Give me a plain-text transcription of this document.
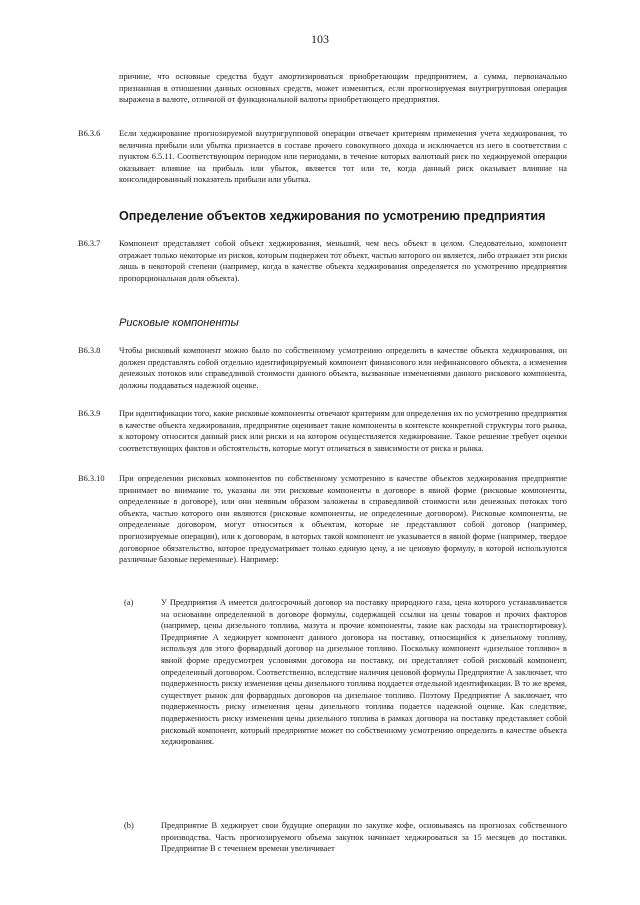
103
причине, что основные средства будут амортизироваться приобретающим предприятием, а сумма, первоначально признанная в отношении данных основных средств, может измениться, если прогнозируемая внутригрупповая операция выражена в валюте, отличной от функциональной валюты приобретающего предприятия.
B6.3.6 Если хеджирование прогнозируемой внутригрупповой операции отвечает критериям применения учета хеджирования, то величина прибыли или убытка признается в составе прочего совокупного дохода и исключается из него в соответствии с пунктом 6.5.11. Соответствующим периодом или периодами, в течение которых валютный риск по хеджируемой операции оказывает влияние на прибыль или убыток, является тот или те, когда данный риск оказывает влияние на консолидированный показатель прибыли или убытка.
Определение объектов хеджирования по усмотрению предприятия
B6.3.7 Компонент представляет собой объект хеджирования, меньший, чем весь объект в целом. Следовательно, компонент отражает только некоторые из рисков, которым подвержен тот объект, частью которого он является, либо отражает эти риски лишь в некоторой степени (например, когда в качестве объекта хеджирования определяется по усмотрению предприятия пропорциональная доля объекта).
Рисковые компоненты
B6.3.8 Чтобы рисковый компонент можно было по собственному усмотрению определить в качестве объекта хеджирования, он должен представлять собой отдельно идентифицируемый компонент финансового или нефинансового объекта, а изменения денежных потоков или справедливой стоимости данного объекта, вызванные изменениями данного рискового компонента, должны поддаваться надежной оценке.
B6.3.9 При идентификации того, какие рисковые компоненты отвечают критериям для определения их по усмотрению предприятия в качестве объекта хеджирования, предприятие оценивает такие компоненты в контексте конкретной структуры того рынка, к которому относится данный риск или риски и на котором осуществляется хеджирование. Такое решение требует оценки соответствующих фактов и обстоятельств, которые могут отличаться в зависимости от риска и рынка.
B6.3.10 При определении рисковых компонентов по собственному усмотрению в качестве объектов хеджирования предприятие принимает во внимание то, указаны ли эти рисковые компоненты в договоре в явной форме (рисковые компоненты, определенные в договоре), или они неявным образом заложены в справедливой стоимости или денежных потоках того объекта, частью которого они являются (рисковые компоненты, не определенные договором). Рисковые компоненты, не определенные договором, могут относиться к объектам, которые не представляют собой договор (например, прогнозируемые операции), или к договорам, в которых такой компонент не указывается в явной форме (например, твердое договорное обязательство, которое предусматривает только единую цену, а не ценовую формулу, в которой используются различные базовые переменные). Например:
(a)	У Предприятия А имеется долгосрочный договор на поставку природного газа, цена которого устанавливается на основании определенной в договоре формулы, содержащей ссылки на цены товаров и прочих факторов (например, цены дизельного топлива, мазута и прочие компоненты, такие как расходы на транспортировку). Предприятие А хеджирует компонент данного договора на поставку, относящийся к дизельному топливу, используя для этого форвардный договор на дизельное топливо. Поскольку компонент «дизельное топливо» в явной форме предусмотрен условиями договора на поставку, он представляет собой рисковый компонент, определенный договором. Соответственно, вследствие наличия ценовой формулы Предприятие А заключает, что подверженность риску изменения цены дизельного топлива поддается отдельной идентификации. В то же время, существует рынок для форвардных договоров на дизельное топливо. Поэтому Предприятие А заключает, что подверженность риску изменения цены дизельного топлива подается надежной оценке. Как следствие, подверженность риску изменения цены дизельного топлива в рамках договора на поставку представляет собой рисковый компонент, который предприятие может по собственному усмотрению определить в качестве объекта хеджирования.
(b)	Предприятие В хеджирует свои будущие операции по закупке кофе, основываясь на прогнозах собственного производства. Часть прогнозируемого объема закупок начинает хеджироваться за 15 месяцев до поставки. Предприятие В с течением времени увеличивает
